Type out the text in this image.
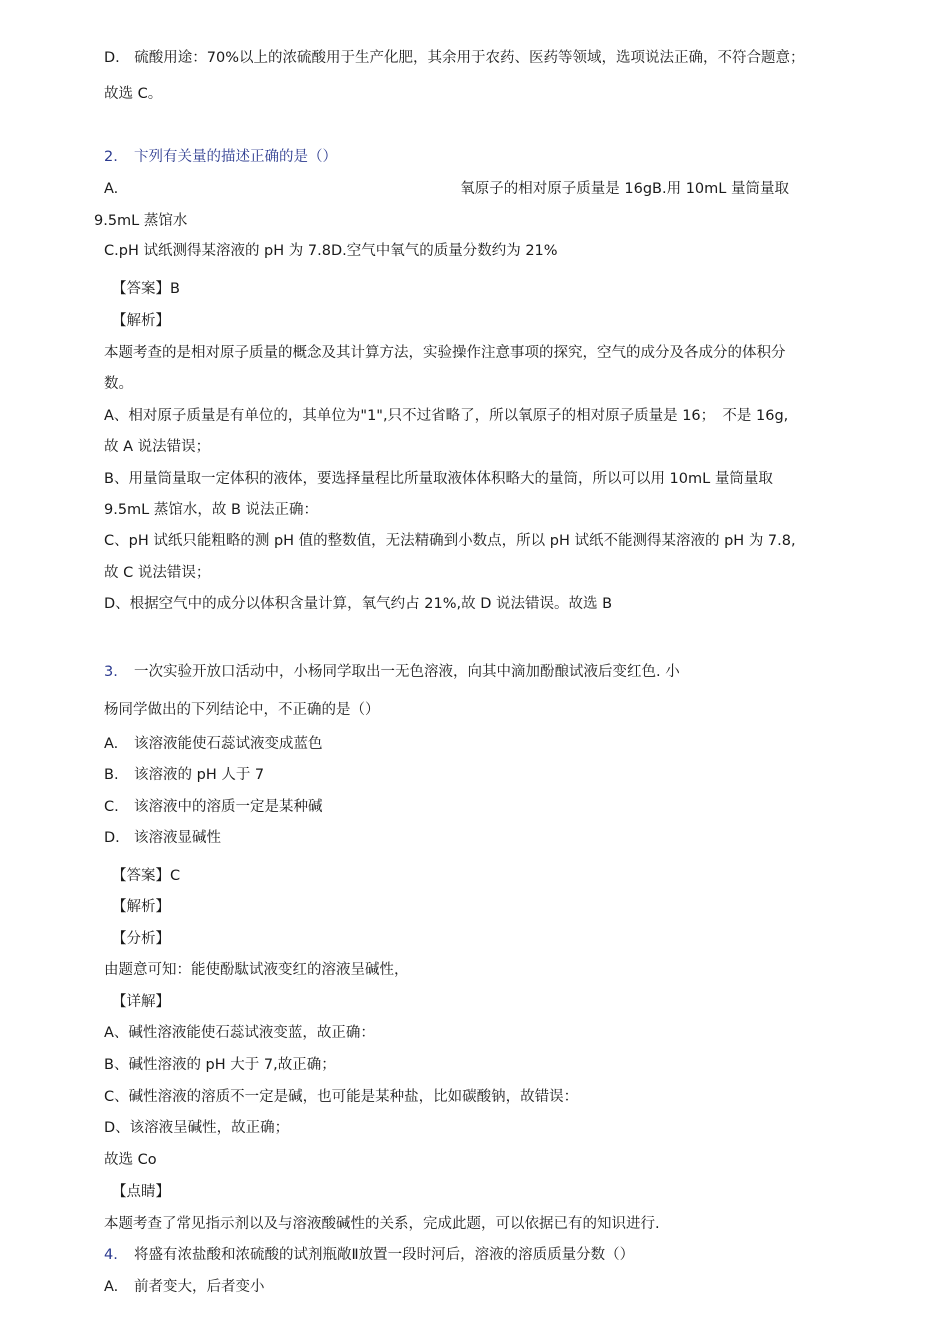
D.　硫酸用途：70%以上的浓硫酸用于生产化肥，其余用于农药、医药等领域，选项说法正确，不符合题意；
故选 C。
2. 卞列有关量的描述正确的是（）
A.	氧原子的相对原子质量是 16gB.用 10mL 量筒量取
9.5mL 蒸馆水
C.pH 试纸测得某溶液的 pH 为 7.8D.空气中氧气的质量分数约为 21%
【答案】B
【解析】
本题考查的是相对原子质量的概念及其计算方法，实验操作注意事项的探究，空气的成分及各成分的体积分
数。
A、相对原子质量是有单位的，其单位为"1",只不过省略了，所以氧原子的相对原子质量是 16；　不是 16g,
故 A 说法错误；
B、用量筒量取一定体积的液体，要选择量程比所量取液体体积略大的量筒，所以可以用 10mL 量筒量取
9.5mL 蒸馆水，故 B 说法正确：
C、pH 试纸只能粗略的测 pH 值的整数值，无法精确到小数点，所以 pH 试纸不能测得某溶液的 pH 为 7.8,
故 C 说法错误；
D、根据空气中的成分以体积含量计算，氧气约占 21%,故 D 说法错误。故选 B
3. 一次实验开放口活动中，小杨同学取出一无色溶液，向其中滴加酚酿试液后变红色. 小
杨同学做出的下列结论中，不正确的是（）
A. 该溶液能使石蕊试液变成蓝色
B. 该溶液的 pH 人于 7
C. 该溶液中的溶质一定是某种碱
D. 该溶液显碱性
【答案】C
【解析】
【分析】
由题意可知：能使酚駄试液变红的溶液呈碱性，
【详解】
A、碱性溶液能使石蕊试液变蓝，故正确：
B、碱性溶液的 pH 大于 7,故正确；
C、碱性溶液的溶质不一定是碱，也可能是某种盐，比如碳酸钠，故错误：
D、该溶液呈碱性，故正确；
故选 Co
【点睛】
本题考查了常见指示剂以及与溶液酸碱性的关系，完成此题，可以依据已有的知识进行.
4. 将盛有浓盐酸和浓硫酸的试剂瓶敞Ⅱ放置一段时河后，溶液的溶质质量分数（）
A. 前者变大，后者变小
